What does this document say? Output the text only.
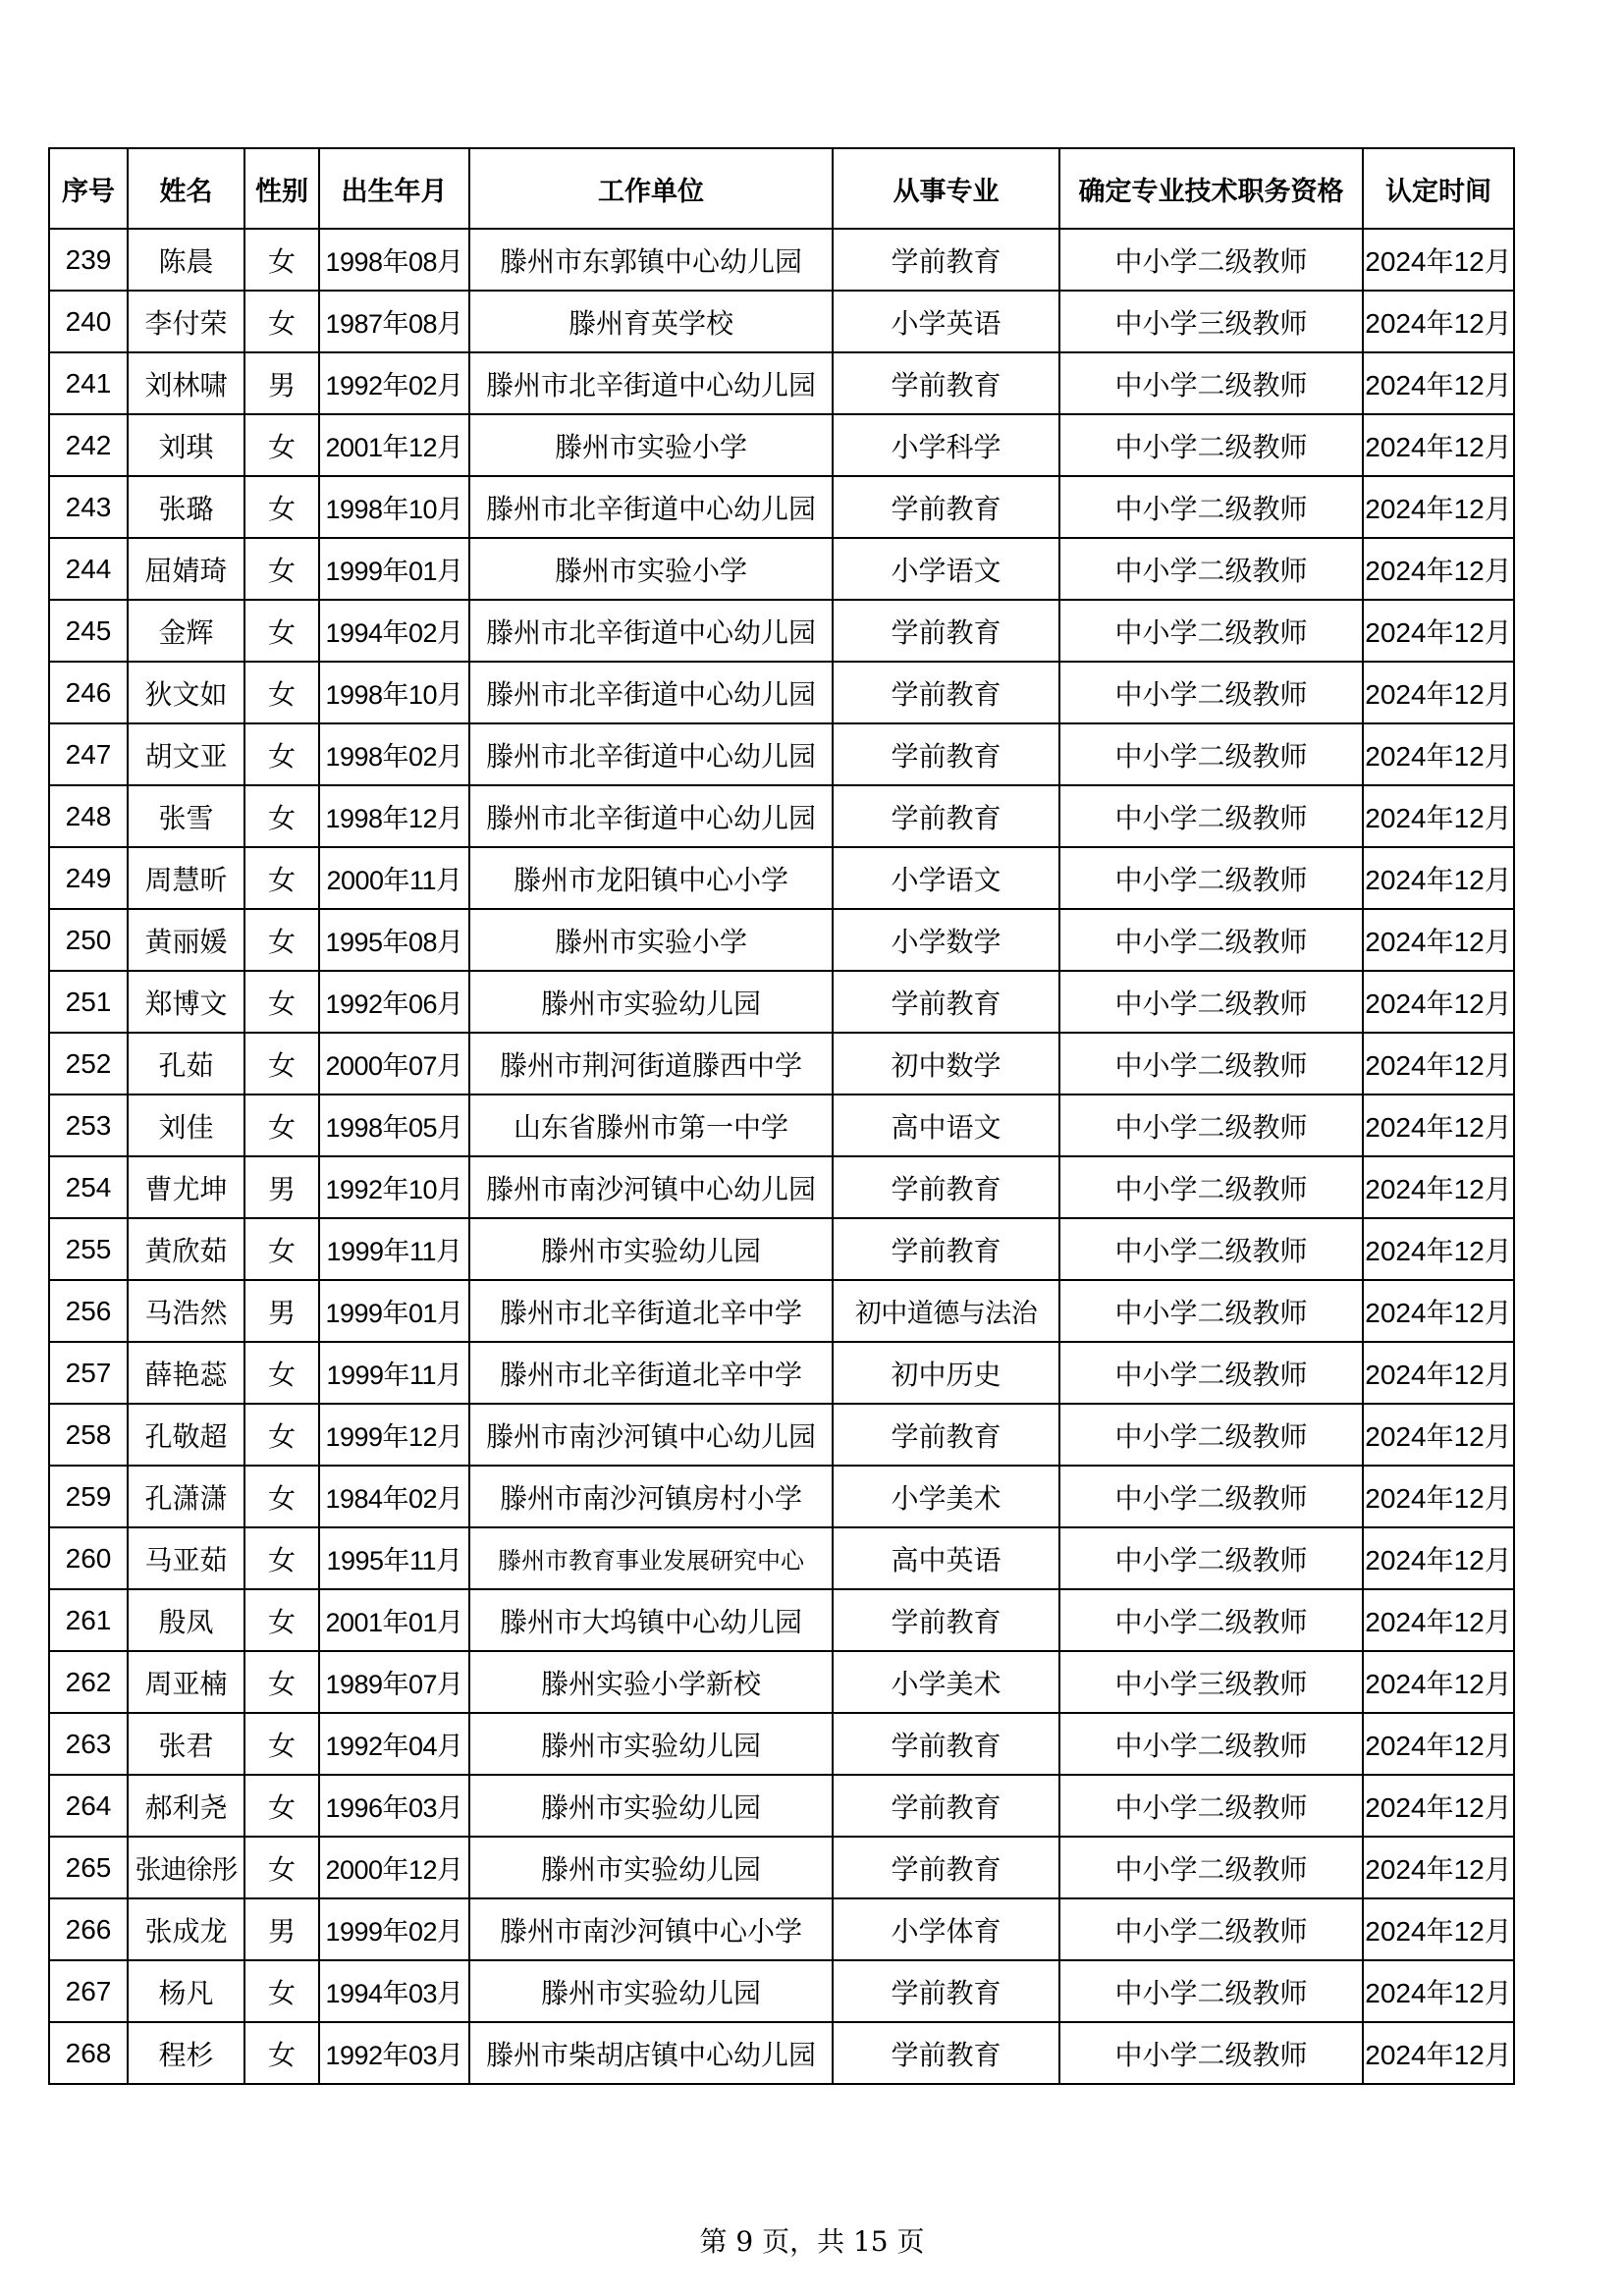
序号	姓名	性别	出生年月	工作单位	从事专业	确定专业技术职务资格	认定时间
239	陈晨	女	1998年08月	滕州市东郭镇中心幼儿园	学前教育	中小学二级教师	2024年12月
240	李付荣	女	1987年08月	滕州育英学校	小学英语	中小学三级教师	2024年12月
241	刘林啸	男	1992年02月	滕州市北辛街道中心幼儿园	学前教育	中小学二级教师	2024年12月
242	刘琪	女	2001年12月	滕州市实验小学	小学科学	中小学二级教师	2024年12月
243	张璐	女	1998年10月	滕州市北辛街道中心幼儿园	学前教育	中小学二级教师	2024年12月
244	屈婧琦	女	1999年01月	滕州市实验小学	小学语文	中小学二级教师	2024年12月
245	金辉	女	1994年02月	滕州市北辛街道中心幼儿园	学前教育	中小学二级教师	2024年12月
246	狄文如	女	1998年10月	滕州市北辛街道中心幼儿园	学前教育	中小学二级教师	2024年12月
247	胡文亚	女	1998年02月	滕州市北辛街道中心幼儿园	学前教育	中小学二级教师	2024年12月
248	张雪	女	1998年12月	滕州市北辛街道中心幼儿园	学前教育	中小学二级教师	2024年12月
249	周慧昕	女	2000年11月	滕州市龙阳镇中心小学	小学语文	中小学二级教师	2024年12月
250	黄丽媛	女	1995年08月	滕州市实验小学	小学数学	中小学二级教师	2024年12月
251	郑博文	女	1992年06月	滕州市实验幼儿园	学前教育	中小学二级教师	2024年12月
252	孔茹	女	2000年07月	滕州市荆河街道滕西中学	初中数学	中小学二级教师	2024年12月
253	刘佳	女	1998年05月	山东省滕州市第一中学	高中语文	中小学二级教师	2024年12月
254	曹尤坤	男	1992年10月	滕州市南沙河镇中心幼儿园	学前教育	中小学二级教师	2024年12月
255	黄欣茹	女	1999年11月	滕州市实验幼儿园	学前教育	中小学二级教师	2024年12月
256	马浩然	男	1999年01月	滕州市北辛街道北辛中学	初中道德与法治	中小学二级教师	2024年12月
257	薛艳蕊	女	1999年11月	滕州市北辛街道北辛中学	初中历史	中小学二级教师	2024年12月
258	孔敬超	女	1999年12月	滕州市南沙河镇中心幼儿园	学前教育	中小学二级教师	2024年12月
259	孔潇潇	女	1984年02月	滕州市南沙河镇房村小学	小学美术	中小学二级教师	2024年12月
260	马亚茹	女	1995年11月	滕州市教育事业发展研究中心	高中英语	中小学二级教师	2024年12月
261	殷凤	女	2001年01月	滕州市大坞镇中心幼儿园	学前教育	中小学二级教师	2024年12月
262	周亚楠	女	1989年07月	滕州实验小学新校	小学美术	中小学三级教师	2024年12月
263	张君	女	1992年04月	滕州市实验幼儿园	学前教育	中小学二级教师	2024年12月
264	郝利尧	女	1996年03月	滕州市实验幼儿园	学前教育	中小学二级教师	2024年12月
265	张迪徐彤	女	2000年12月	滕州市实验幼儿园	学前教育	中小学二级教师	2024年12月
266	张成龙	男	1999年02月	滕州市南沙河镇中心小学	小学体育	中小学二级教师	2024年12月
267	杨凡	女	1994年03月	滕州市实验幼儿园	学前教育	中小学二级教师	2024年12月
268	程杉	女	1992年03月	滕州市柴胡店镇中心幼儿园	学前教育	中小学二级教师	2024年12月
第 9 页，共 15 页
